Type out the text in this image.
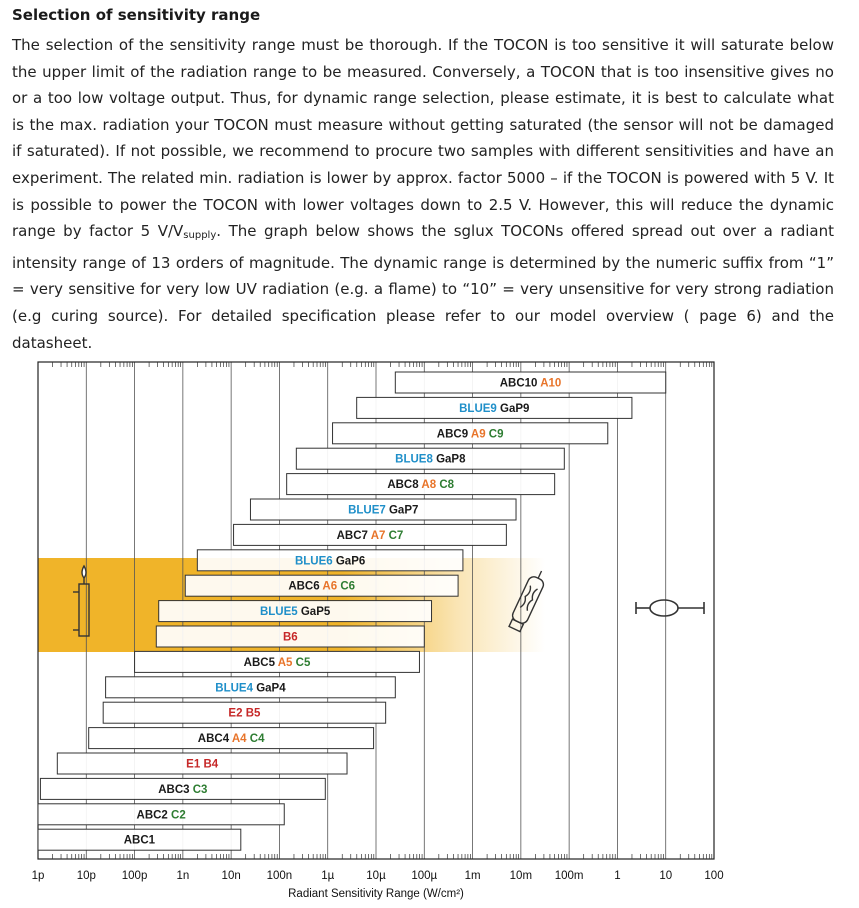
Selection of sensitivity range

The selection of the sensitivity range must be thorough. If the TOCON is too sensitive it will saturate below the upper limit of the radiation range to be measured. Conversely, a TOCON that is too insensitive gives no or a too low voltage output. Thus, for dynamic range selection, please estimate, it is best to calculate what is the max. radiation your TOCON must measure without getting saturated (the sensor will not be damaged if saturated). If not possible, we recommend to procure two samples with different sensitivities and have an experiment. The related min. radiation is lower by approx. factor 5000 – if the TOCON is powered with 5 V. It is possible to power the TOCON with lower voltages down to 2.5 V. However, this will reduce the dynamic range by factor 5 $V/V_{supply}$. The graph below shows the sglux TOCONs offered spread out over a radiant intensity range of 13 orders of magnitude. The dynamic range is determined by the numeric suffix from “1” = very sensitive for very low UV radiation (e.g. a flame) to “10” = very unsensitive for very strong radiation (e.g curing source). For detailed specification please refer to our model overview ( page 6) and the datasheet.

ABC10 A10
BLUE9 GaP9
ABC9 A9 C9
BLUE8 GaP8
ABC8 A8 C8
BLUE7 GaP7
ABC7 A7 C7
BLUE6 GaP6
ABC6 A6 C6
BLUE5 GaP5
B6
ABC5 A5 C5
BLUE4 GaP4
E2 B5
ABC4 A4 C4
E1 B4
ABC3 C3
ABC2 C2
ABC1
1p	10p 100p	1n	10n 100n	1µ	10µ 100µ 1m	10m 100m	1	10	100
Radiant Sensitivity Range (W/cm²)
